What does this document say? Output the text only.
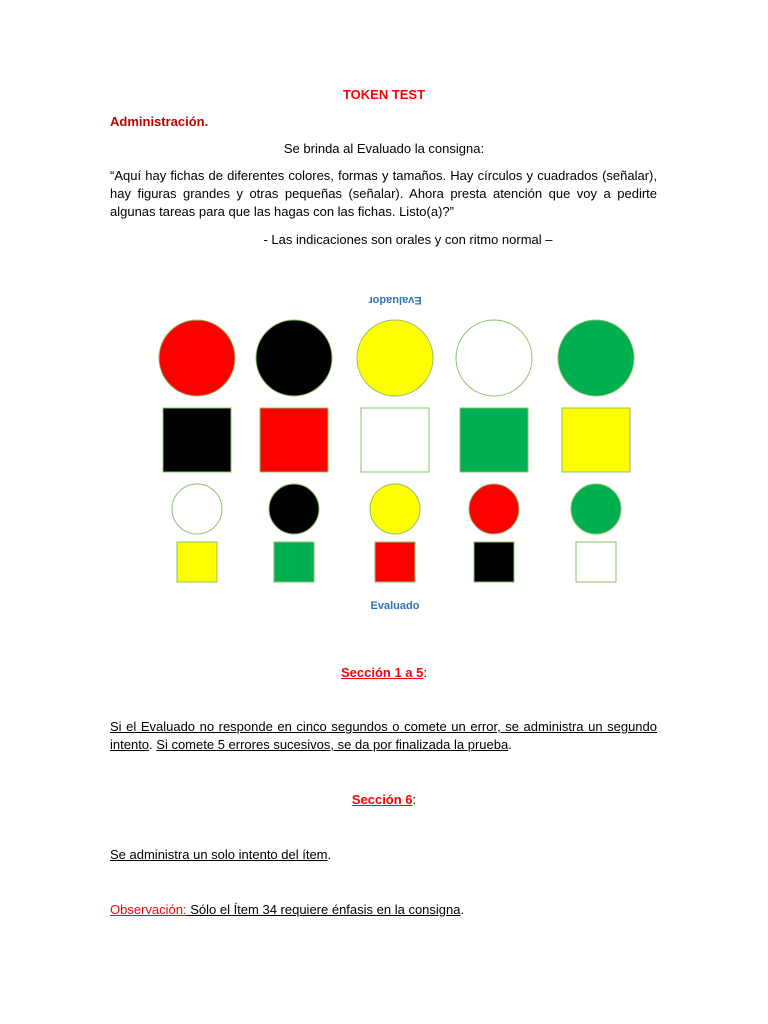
TOKEN TEST
Administración.
Se brinda al Evaluado la consigna:
“Aquí hay fichas de diferentes colores, formas y tamaños. Hay círculos y cuadrados (señalar), hay figuras grandes y otras pequeñas (señalar). Ahora presta atención que voy a pedirte algunas tareas para que las hagas con las fichas. Listo(a)?”
- Las indicaciones son orales y con ritmo normal –
Evaluador
Evaluado
Sección 1 a 5:
Si el Evaluado no responde en cinco segundos o comete un error, se administra un segundo intento. Si comete 5 errores sucesivos, se da por finalizada la prueba.
Sección 6:
Se administra un solo intento del ítem.
Observación: Sólo el Ítem 34 requiere énfasis en la consigna.
